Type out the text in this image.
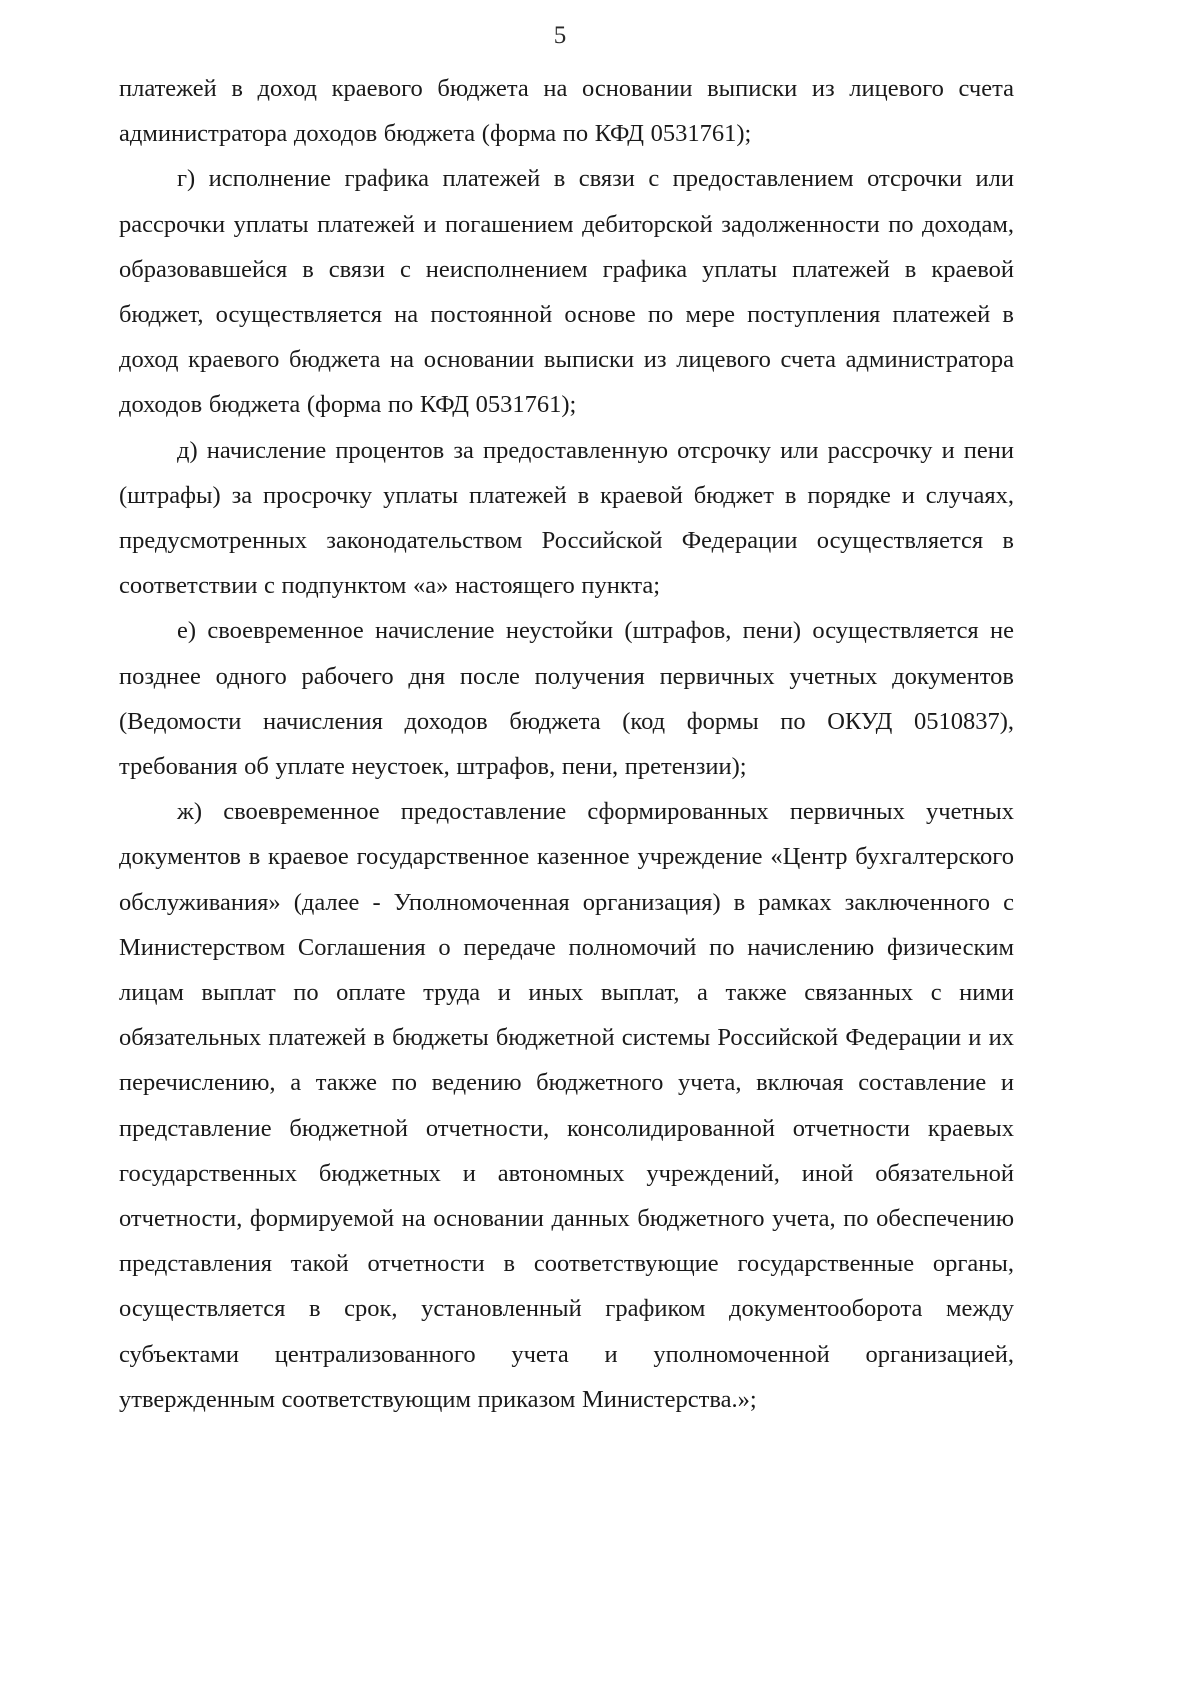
5

платежей в доход краевого бюджета на основании выписки из лицевого счета администратора доходов бюджета (форма по КФД 0531761);

г) исполнение графика платежей в связи с предоставлением отсрочки или рассрочки уплаты платежей и погашением дебиторской задолженности по доходам, образовавшейся в связи с неисполнением графика уплаты платежей в краевой бюджет, осуществляется на постоянной основе по мере поступления платежей в доход краевого бюджета на основании выписки из лицевого счета администратора доходов бюджета (форма по КФД 0531761);

д) начисление процентов за предоставленную отсрочку или рассрочку и пени (штрафы) за просрочку уплаты платежей в краевой бюджет в порядке и случаях, предусмотренных законодательством Российской Федерации осуществляется в соответствии с подпунктом «а» настоящего пункта;

е) своевременное начисление неустойки (штрафов, пени) осуществляется не позднее одного рабочего дня после получения первичных учетных документов (Ведомости начисления доходов бюджета (код формы по ОКУД 0510837), требования об уплате неустоек, штрафов, пени, претензии);

ж) своевременное предоставление сформированных первичных учетных документов в краевое государственное казенное учреждение «Центр бухгалтерского обслуживания» (далее - Уполномоченная организация) в рамках заключенного с Министерством Соглашения о передаче полномочий по начислению физическим лицам выплат по оплате труда и иных выплат, а также связанных с ними обязательных платежей в бюджеты бюджетной системы Российской Федерации и их перечислению, а также по ведению бюджетного учета, включая составление и представление бюджетной отчетности, консолидированной отчетности краевых государственных бюджетных и автономных учреждений, иной обязательной отчетности, формируемой на основании данных бюджетного учета, по обеспечению представления такой отчетности в соответствующие государственные органы, осуществляется в срок, установленный графиком документооборота между субъектами централизованного учета и уполномоченной организацией, утвержденным соответствующим приказом Министерства.»;
